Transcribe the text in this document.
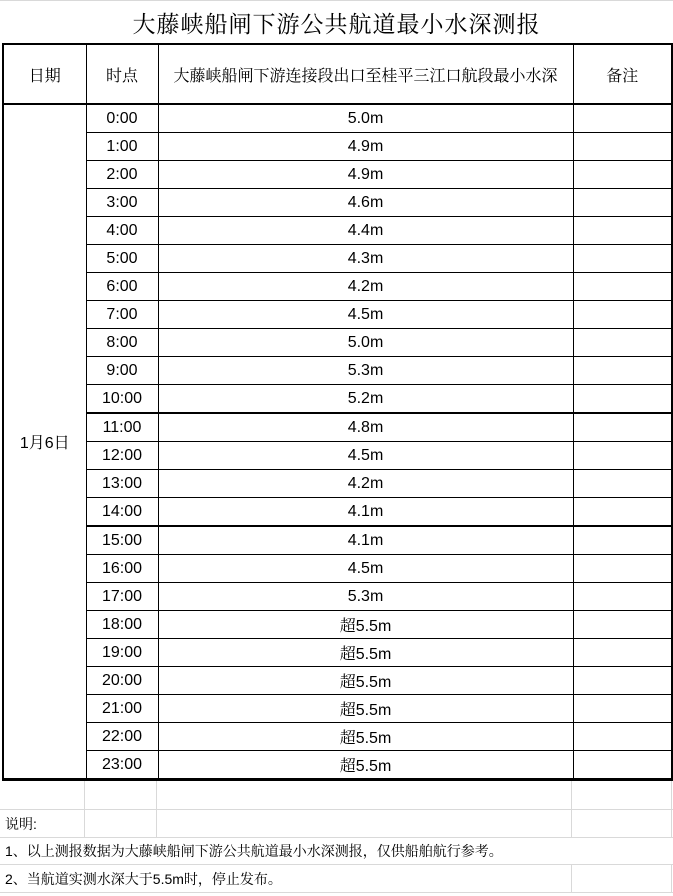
大藤峡船闸下游公共航道最小水深测报
日期	时点	大藤峡船闸下游连接段出口至桂平三江口航段最小水深	备注
1月6日	0:00	5.0m	
	1:00	4.9m	
	2:00	4.9m	
	3:00	4.6m	
	4:00	4.4m	
	5:00	4.3m	
	6:00	4.2m	
	7:00	4.5m	
	8:00	5.0m	
	9:00	5.3m	
	10:00	5.2m	
	11:00	4.8m	
	12:00	4.5m	
	13:00	4.2m	
	14:00	4.1m	
	15:00	4.1m	
	16:00	4.5m	
	17:00	5.3m	
	18:00	超5.5m	
	19:00	超5.5m	
	20:00	超5.5m	
	21:00	超5.5m	
	22:00	超5.5m	
	23:00	超5.5m	
说明:
1、以上测报数据为大藤峡船闸下游公共航道最小水深测报，仅供船舶航行参考。
2、当航道实测水深大于5.5m时，停止发布。
